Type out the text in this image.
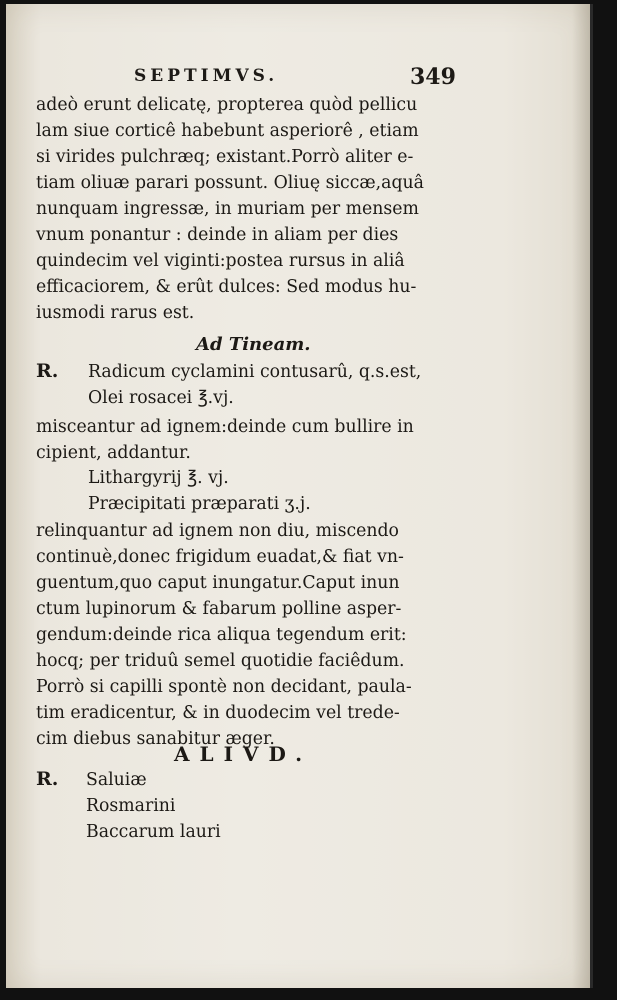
SEPTIMVS.	349
adeò erunt delicatę, propterea quòd pellicu
lam siue corticê habebunt asperiorê , etiam
si virides pulchræq; existant.Porrò aliter e-
tiam oliuæ parari possunt. Oliuę siccæ,aquâ
nunquam ingressæ, in muriam per mensem
vnum ponantur : deinde in aliam per dies
quindecim vel viginti:postea rursus in aliâ
efficaciorem, & erût dulces: Sed modus hu-
iusmodi rarus est.
Ad Tineam.
R. Radicum cyclamini contusarû, q.s.est,
Olei rosacei ℥.vj.
misceantur ad ignem:deinde cum bullire in
cipient, addantur.
Lithargyrij ℥. vj.
Præcipitati præparati ʒ.j.
relinquantur ad ignem non diu, miscendo
continuè,donec frigidum euadat,& fiat vn-
guentum,quo caput inungatur.Caput inun
ctum lupinorum & fabarum polline asper-
gendum:deinde rica aliqua tegendum erit:
hocq; per triduû semel quotidie faciêdum.
Porrò si capilli spontè non decidant, paula-
tim eradicentur, & in duodecim vel trede-
cim diebus sanabitur æger.
ALIVD.
R. Saluiæ
Rosmarini
Baccarum lauri
